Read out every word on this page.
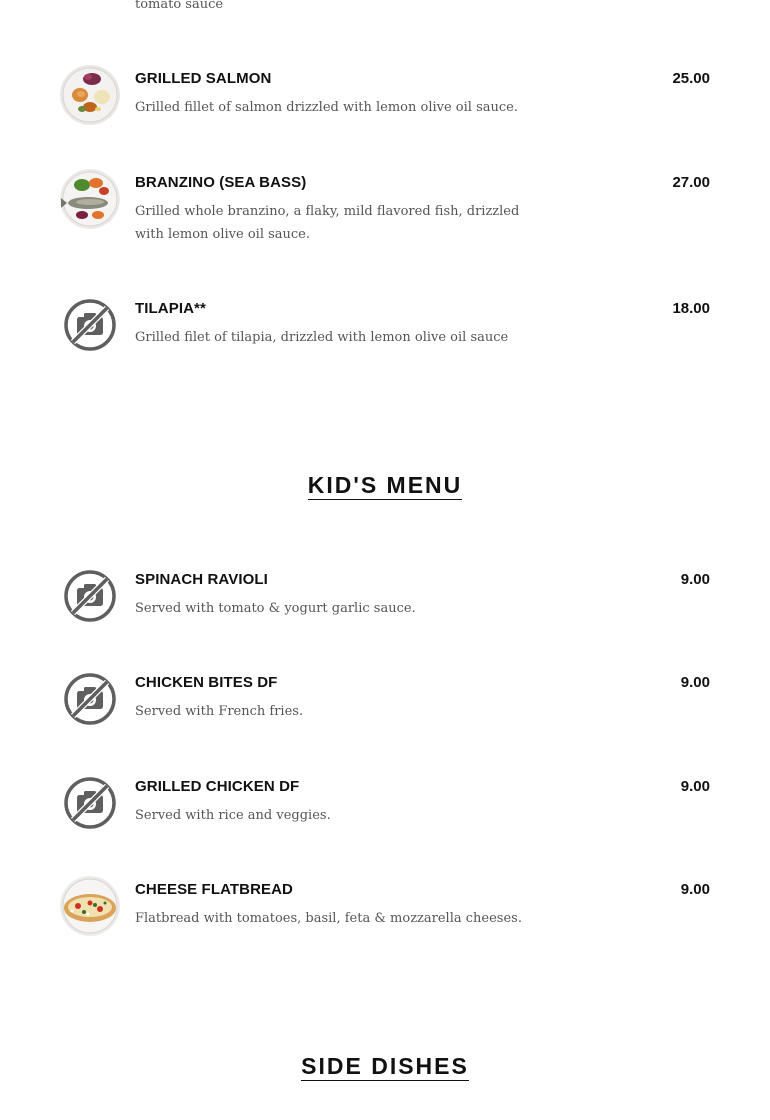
tomato sauce
GRILLED SALMON	25.00
Grilled fillet of salmon drizzled with lemon olive oil sauce.
BRANZINO (SEA BASS)	27.00
Grilled whole branzino, a flaky, mild flavored fish, drizzled with lemon olive oil sauce.
TILAPIA**	18.00
Grilled filet of tilapia, drizzled with lemon olive oil sauce
KID'S MENU
SPINACH RAVIOLI	9.00
Served with tomato & yogurt garlic sauce.
CHICKEN BITES DF	9.00
Served with French fries.
GRILLED CHICKEN DF	9.00
Served with rice and veggies.
CHEESE FLATBREAD	9.00
Flatbread with tomatoes, basil, feta & mozzarella cheeses.
SIDE DISHES
